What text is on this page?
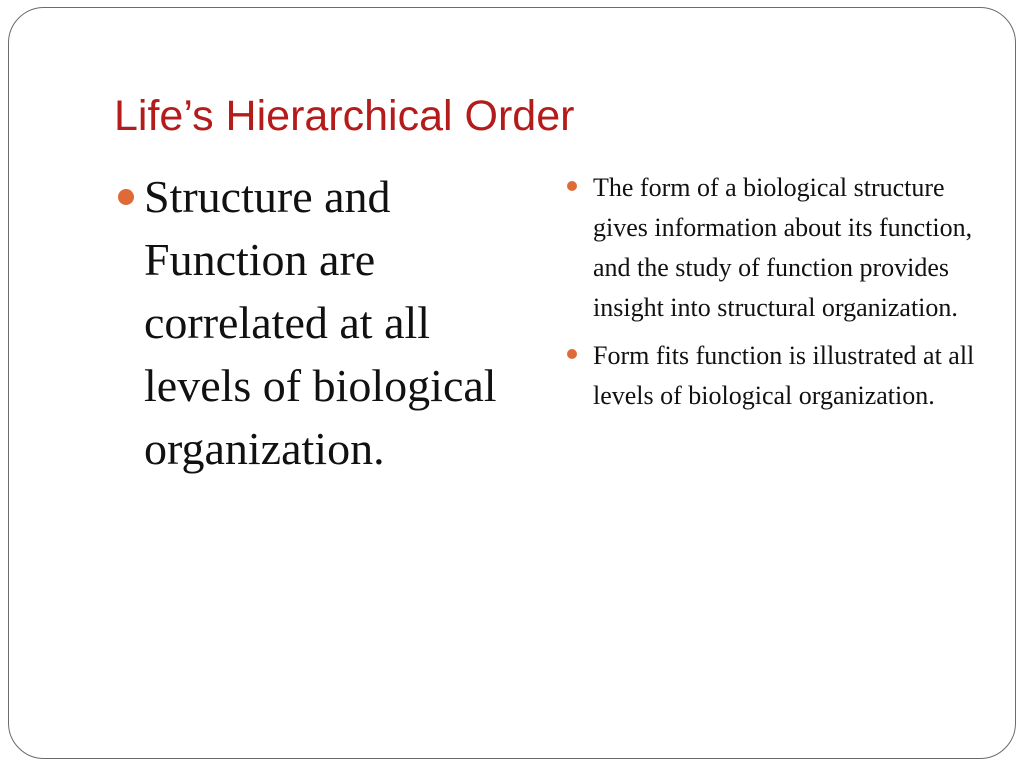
Life’s Hierarchical Order
Structure and Function are correlated at all levels of biological organization.
The form of a biological structure gives information about its function, and the study of function provides insight into structural organization.
Form fits function is illustrated at all levels of biological organization.
